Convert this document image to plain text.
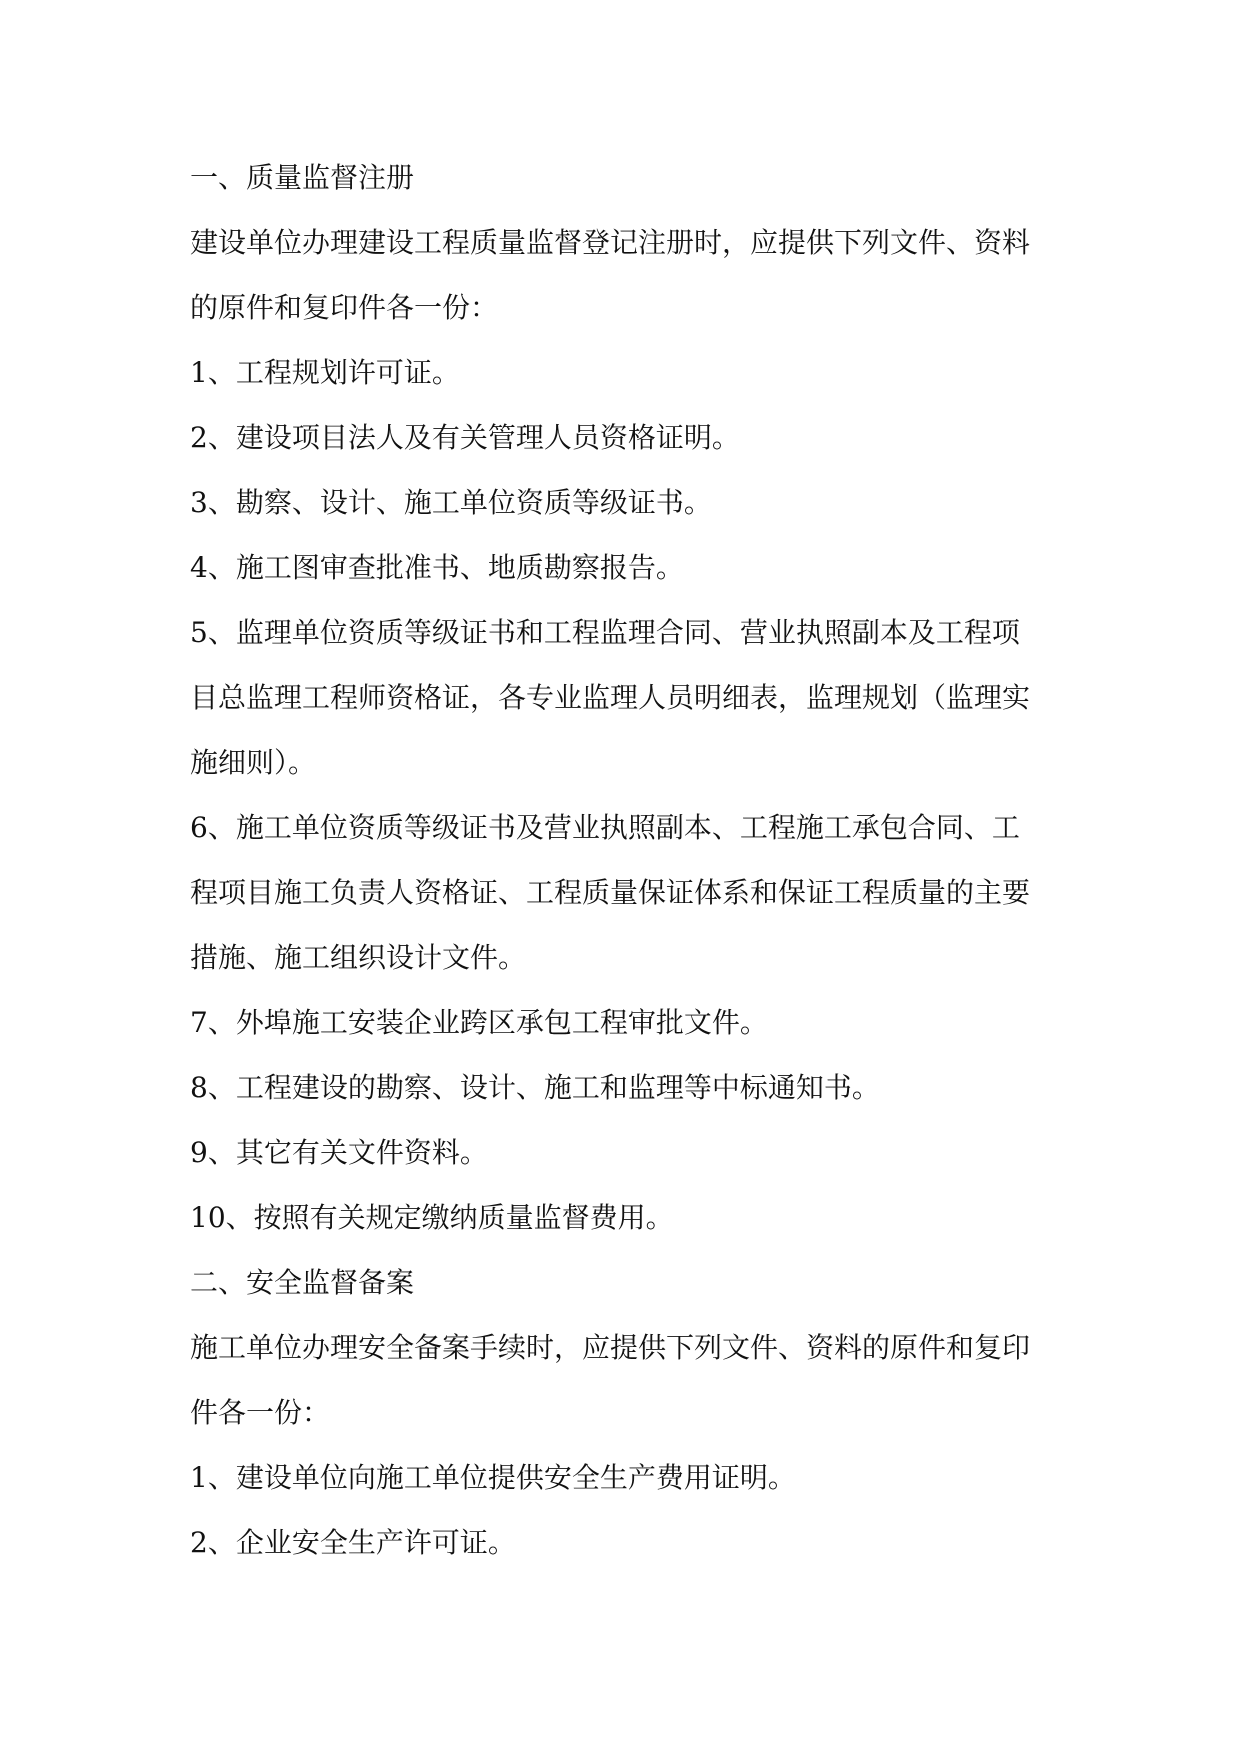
一、质量监督注册
建设单位办理建设工程质量监督登记注册时，应提供下列文件、资料
的原件和复印件各一份：
1、工程规划许可证。
2、建设项目法人及有关管理人员资格证明。
3、勘察、设计、施工单位资质等级证书。
4、施工图审查批准书、地质勘察报告。
5、监理单位资质等级证书和工程监理合同、营业执照副本及工程项
目总监理工程师资格证，各专业监理人员明细表，监理规划（监理实
施细则）。
6、施工单位资质等级证书及营业执照副本、工程施工承包合同、工
程项目施工负责人资格证、工程质量保证体系和保证工程质量的主要
措施、施工组织设计文件。
7、外埠施工安装企业跨区承包工程审批文件。
8、工程建设的勘察、设计、施工和监理等中标通知书。
9、其它有关文件资料。
10、按照有关规定缴纳质量监督费用。
二、安全监督备案
施工单位办理安全备案手续时，应提供下列文件、资料的原件和复印
件各一份：
1、建设单位向施工单位提供安全生产费用证明。
2、企业安全生产许可证。
